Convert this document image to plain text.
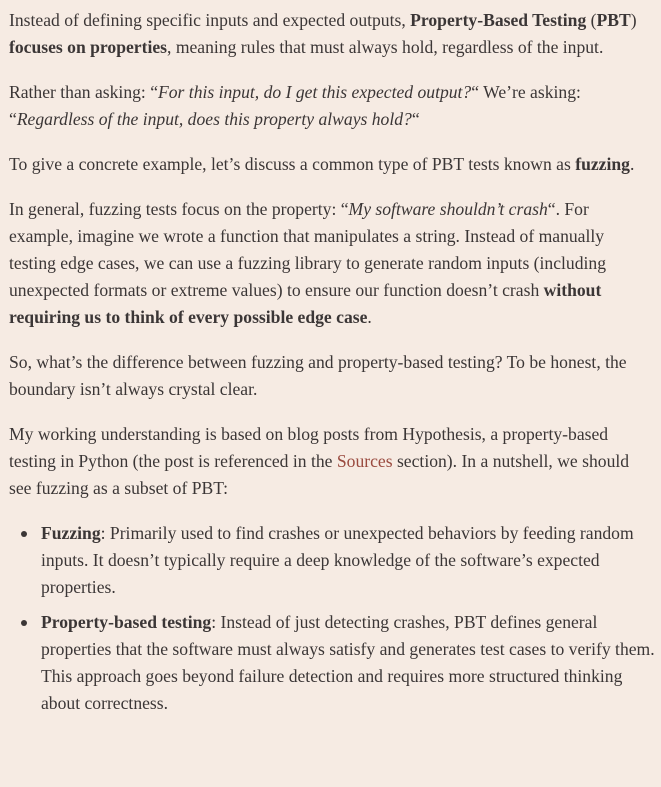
Instead of defining specific inputs and expected outputs, Property-Based Testing (PBT) focuses on properties, meaning rules that must always hold, regardless of the input.

Rather than asking: “For this input, do I get this expected output?“ We’re asking: “Regardless of the input, does this property always hold?“

To give a concrete example, let’s discuss a common type of PBT tests known as fuzzing.

In general, fuzzing tests focus on the property: “My software shouldn’t crash“. For example, imagine we wrote a function that manipulates a string. Instead of manually testing edge cases, we can use a fuzzing library to generate random inputs (including unexpected formats or extreme values) to ensure our function doesn’t crash without requiring us to think of every possible edge case.

So, what’s the difference between fuzzing and property-based testing? To be honest, the boundary isn’t always crystal clear.

My working understanding is based on blog posts from Hypothesis, a property-based testing in Python (the post is referenced in the Sources section). In a nutshell, we should see fuzzing as a subset of PBT:

Fuzzing: Primarily used to find crashes or unexpected behaviors by feeding random inputs. It doesn’t typically require a deep knowledge of the software’s expected properties.
Property-based testing: Instead of just detecting crashes, PBT defines general properties that the software must always satisfy and generates test cases to verify them. This approach goes beyond failure detection and requires more structured thinking about correctness.
